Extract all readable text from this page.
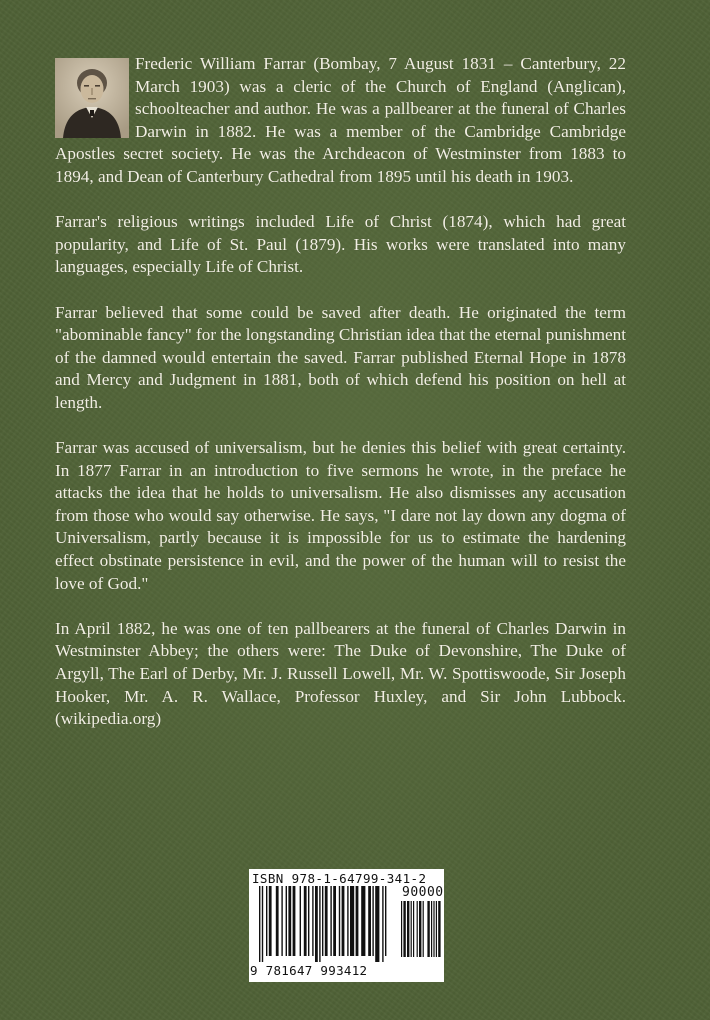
Frederic William Farrar (Bombay, 7 August 1831 – Canterbury, 22 March 1903) was a cleric of the Church of England (Anglican), schoolteacher and author. He was a pallbearer at the funeral of Charles Darwin in 1882. He was a member of the Cambridge Cambridge Apostles secret society. He was the Archdeacon of Westminster from 1883 to 1894, and Dean of Canterbury Cathedral from 1895 until his death in 1903.

Farrar's religious writings included Life of Christ (1874), which had great popularity, and Life of St. Paul (1879). His works were translated into many languages, especially Life of Christ.

Farrar believed that some could be saved after death. He originated the term "abominable fancy" for the longstanding Christian idea that the eternal punishment of the damned would entertain the saved. Farrar published Eternal Hope in 1878 and Mercy and Judgment in 1881, both of which defend his position on hell at length.

Farrar was accused of universalism, but he denies this belief with great certainty. In 1877 Farrar in an introduction to five sermons he wrote, in the preface he attacks the idea that he holds to universalism. He also dismisses any accusation from those who would say otherwise. He says, "I dare not lay down any dogma of Universalism, partly because it is impossible for us to estimate the hardening effect obstinate persistence in evil, and the power of the human will to resist the love of God."

In April 1882, he was one of ten pallbearers at the funeral of Charles Darwin in Westminster Abbey; the others were: The Duke of Devonshire, The Duke of Argyll, The Earl of Derby, Mr. J. Russell Lowell, Mr. W. Spottiswoode, Sir Joseph Hooker, Mr. A. R. Wallace, Professor Huxley, and Sir John Lubbock. (wikipedia.org)

ISBN 978-1-64799-341-2
90000
9 781647 993412
